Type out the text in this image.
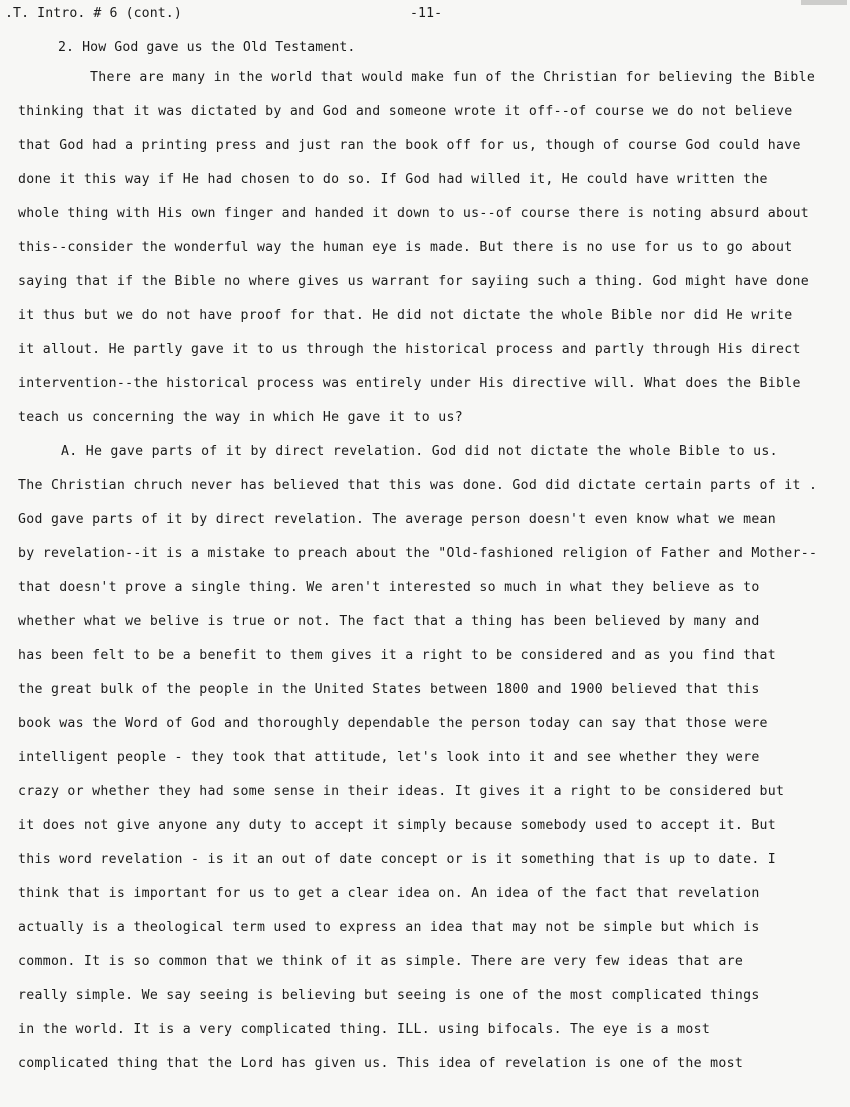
.T. Intro. # 6 (cont.)	-11-
2. How God gave us the Old Testament.
There are many in the world that would make fun of the Christian for believing the Bible
thinking that it was dictated by and God and someone wrote it off--of course we do not believe
that God had a printing press and just ran the book off for us, though of course God could have
done it this way if He had chosen to do so. If God had willed it, He could have written the
whole thing with His own finger and handed it down to us--of course there is noting absurd about
this--consider the wonderful way the human eye is made. But there is no use for us to go about
saying that if the Bible no where gives us warrant for sayiing such a thing. God might have done
it thus but we do not have proof for that. He did not dictate the whole Bible nor did He write
it allout. He partly gave it to us through the historical process and partly through His direct
intervention--the historical process was entirely under His directive will. What does the Bible
teach us concerning the way in which He gave it to us?
A. He gave parts of it by direct revelation. God did not dictate the whole Bible to us.
The Christian chruch never has believed that this was done. God did dictate certain parts of it .
God gave parts of it by direct revelation. The average person doesn't even know what we mean
by revelation--it is a mistake to preach about the "Old-fashioned religion of Father and Mother--
that doesn't prove a single thing. We aren't interested so much in what they believe as to
whether what we belive is true or not. The fact that a thing has been believed by many and
has been felt to be a benefit to them gives it a right to be considered and as you find that
the great bulk of the people in the United States between 1800 and 1900 believed that this
book was the Word of God and thoroughly dependable the person today can say that those were
intelligent people - they took that attitude, let's look into it and see whether they were
crazy or whether they had some sense in their ideas. It gives it a right to be considerеd but
it does not give anyone any duty to accept it simply because somebody used to accept it. But
this word revelation - is it an out of date concept or is it something that is up to date. I
think that is important for us to get a clear idea on. An idea of the fact that revelation
actually is a theological term used to express an idea that may not be simple but which is
common. It is so common that we think of it as simple. There are very few ideas that are
really simple. We say seeing is believing but seeing is one of the most complicated things
in the world. It is a very complicated thing. ILL. using bifocals. The eye is a most
complicated thing that the Lord has given us. This idea of revelation is one of the most
